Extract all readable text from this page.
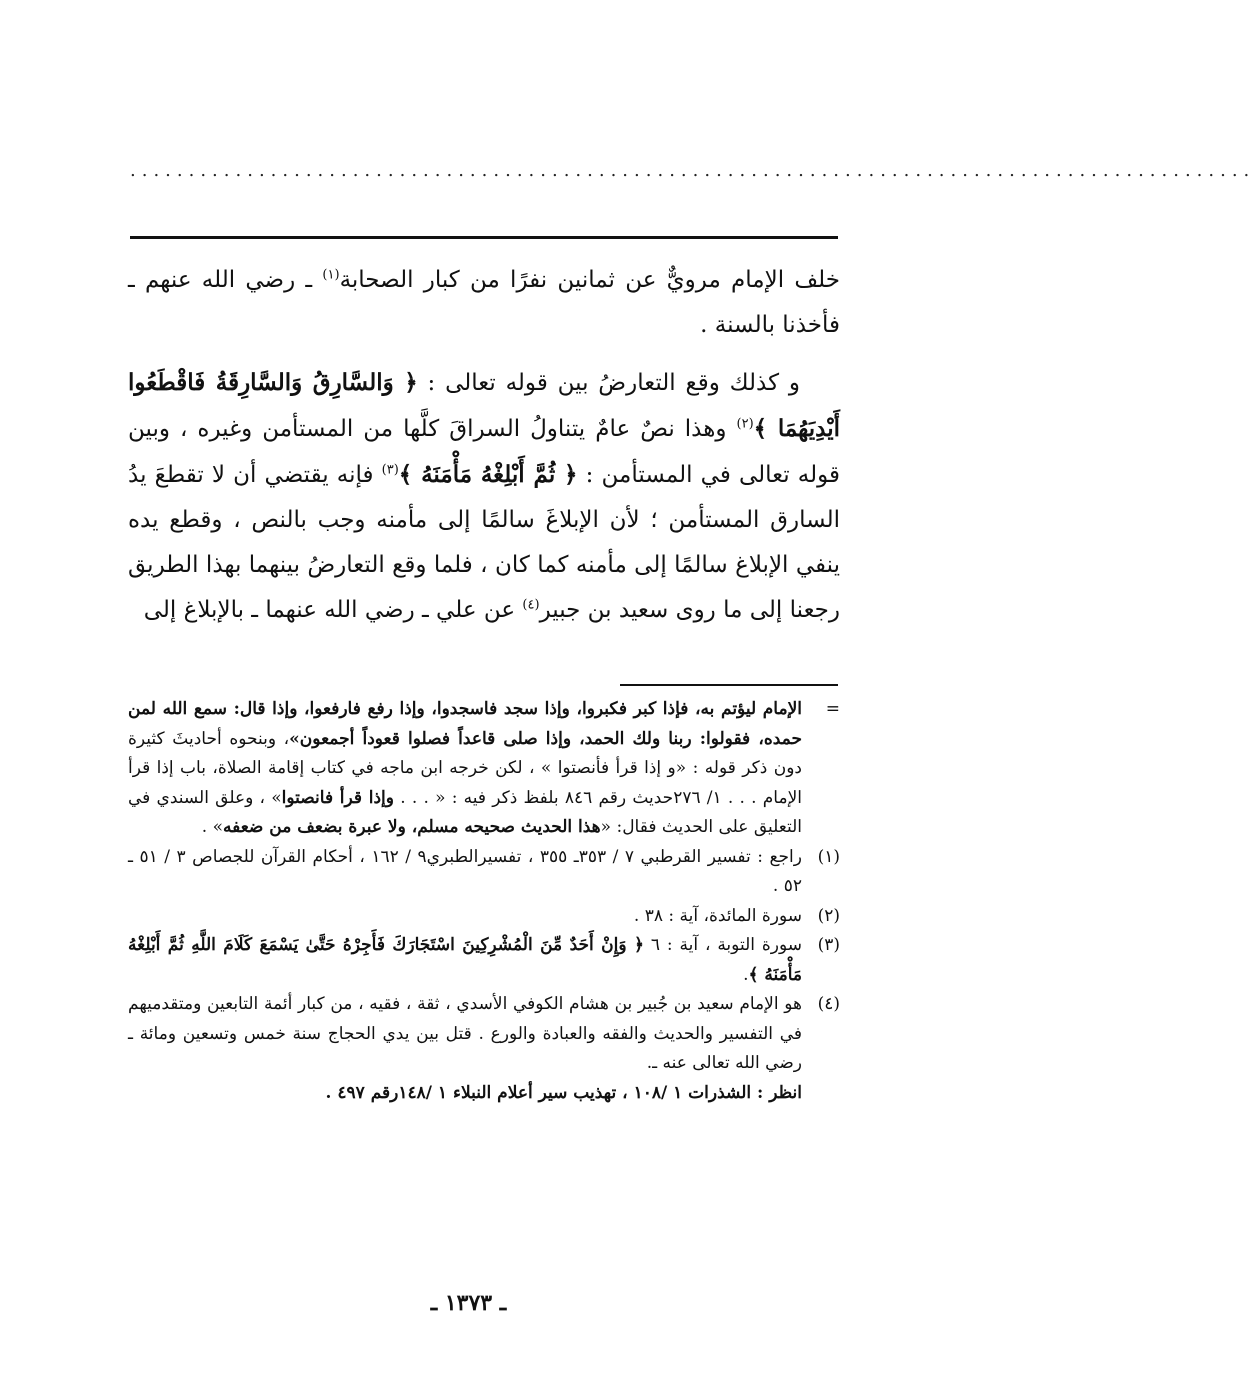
................................................................................................

خلف الإمام مرويٌّ عن ثمانين نفرًا من كبار الصحابة$^{(١)}$ ـ رضي الله عنهم ـ فأخذنا بالسنة .

و كذلك وقع التعارضُ بين قوله تعالى : ﴿ وَالسَّارِقُ وَالسَّارِقَةُ فَاقْطَعُوا أَيْدِيَهُمَا ﴾$^{(٢)}$ وهذا نصٌ عامٌ يتناولُ السراقَ كلَّها من المستأمن وغيره ، وبين قوله تعالى في المستأمن : ﴿ ثُمَّ أَبْلِغْهُ مَأْمَنَهُ ﴾$^{(٣)}$ فإنه يقتضي أن لا تقطعَ يدُ السارق المستأمن ؛ لأن الإبلاغَ سالمًا إلى مأمنه وجب بالنص ، وقطع يده ينفي الإبلاغ سالمًا إلى مأمنه كما كان ، فلما وقع التعارضُ بينهما بهذا الطريق رجعنا إلى ما روى سعيد بن جبير$^{(٤)}$ عن علي ـ رضي الله عنهما ـ بالإبلاغ إلى

=
الإمام ليؤتم به، فإذا كبر فكبروا، وإذا سجد فاسجدوا، وإذا رفع فارفعوا، وإذا قال: سمع الله لمن حمده، فقولوا: ربنا ولك الحمد، وإذا صلى قاعداً فصلوا قعوداً أجمعون»، وبنحوه أحاديثَ كثيرة دون ذكر قوله : «و إذا قرأ فأنصتوا » ، لكن خرجه ابن ماجه في كتاب إقامة الصلاة، باب إذا قرأ الإمام . . . ١/ ٢٧٦حديث رقم ٨٤٦ بلفظ ذكر فيه : « . . . وإذا قرأ فانصتوا» ، وعلق السندي في التعليق على الحديث فقال: «هذا الحديث صحيحه مسلم، ولا عبرة بضعف من ضعفه» .
(١)
راجع : تفسير القرطبي ٧ / ٣٥٣ـ ٣٥٥ ، تفسيرالطبري٩ / ١٦٢ ، أحكام القرآن للجصاص ٣ / ٥١ ـ ٥٢ .
(٢)
سورة المائدة، آية : ٣٨ .
(٣)
سورة التوبة ، آية : ٦ ﴿ وَإِنْ أَحَدٌ مِّنَ الْمُشْرِكِينَ اسْتَجَارَكَ فَأَجِرْهُ حَتَّىٰ يَسْمَعَ كَلَامَ اللَّهِ ثُمَّ أَبْلِغْهُ مَأْمَنَهُ ﴾.
(٤)

هو الإمام سعيد بن جُبير بن هشام الكوفي الأسدي ، ثقة ، فقيه ، من كبار أئمة التابعين ومتقدميهم في التفسير والحديث والفقه والعبادة والورع . قتل بين يدي الحجاج سنة خمس وتسعين ومائة ـ رضي الله تعالى عنه ـ.

انظر : الشذرات ١ /١٠٨ ، تهذيب سير أعلام النبلاء ١ /١٤٨رقم ٤٩٧ .

ـ ١٣٧٣ ـ
